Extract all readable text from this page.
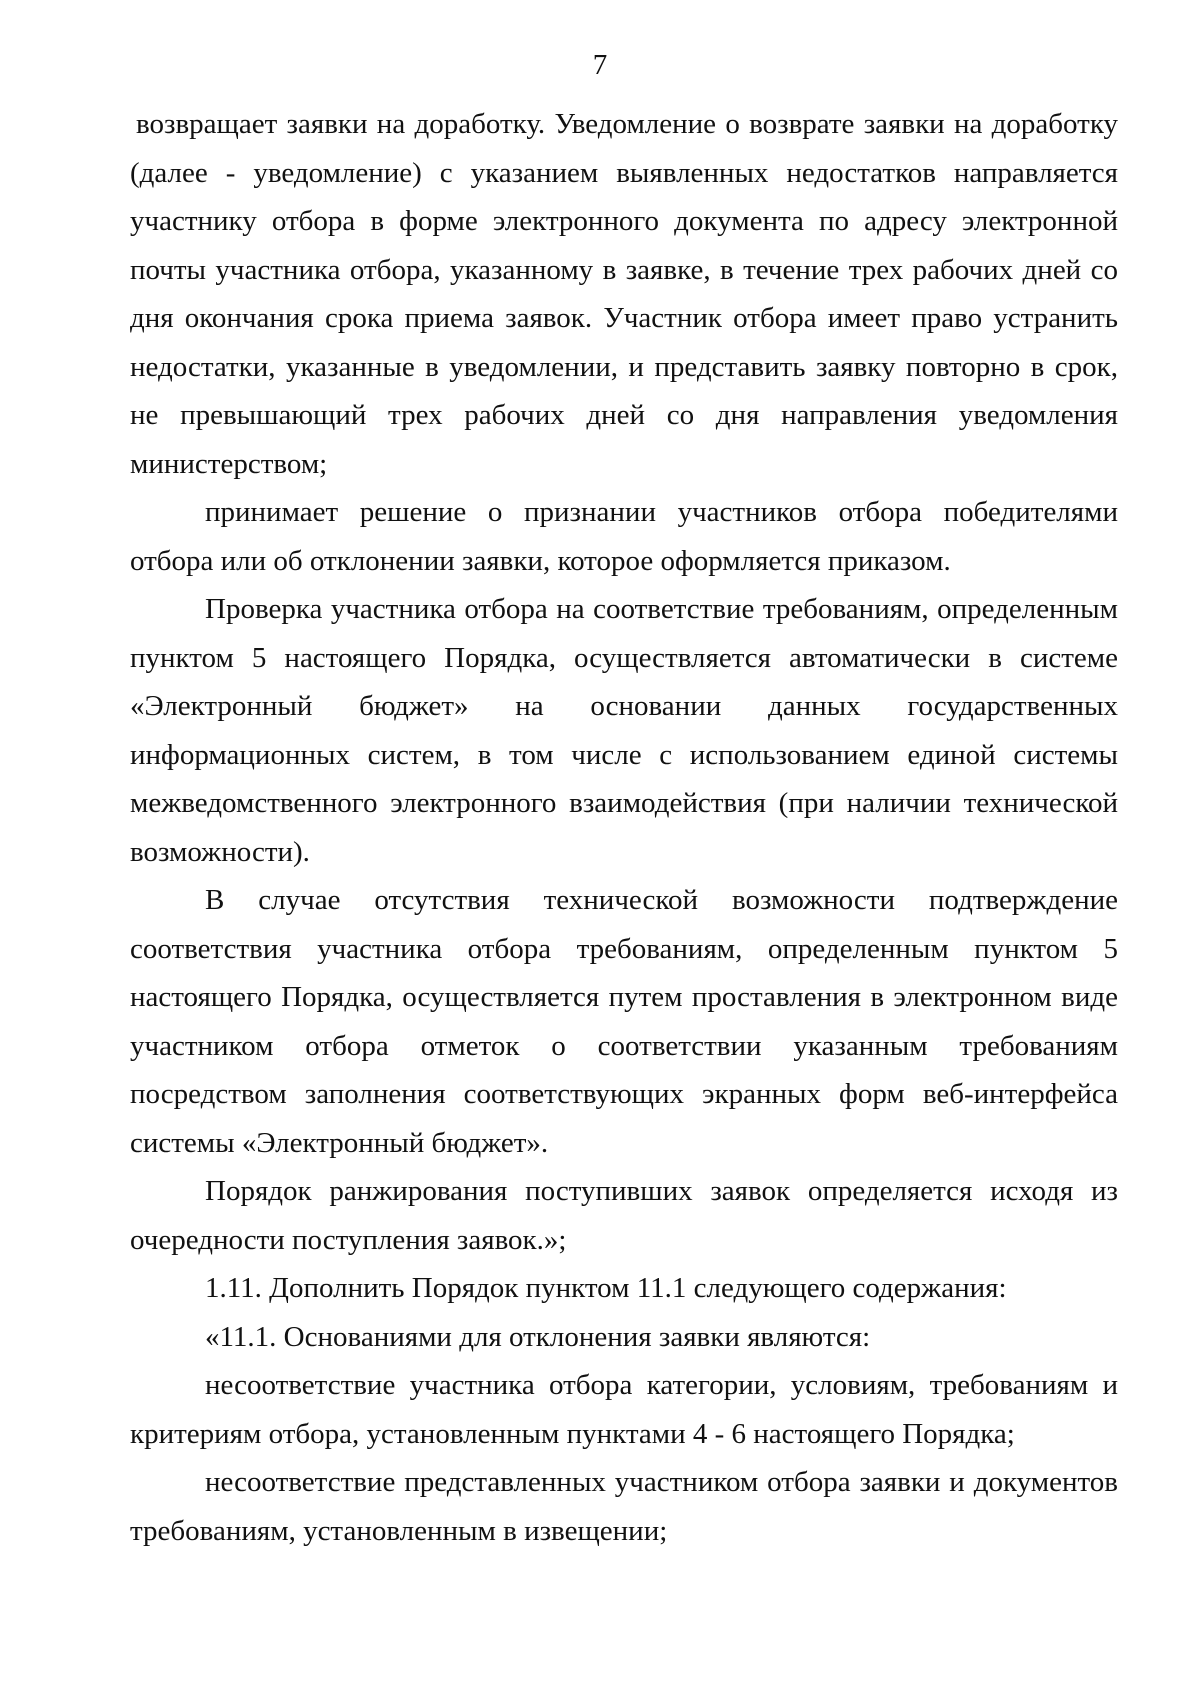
7

возвращает заявки на доработку. Уведомление о возврате заявки на доработку (далее - уведомление) с указанием выявленных недостатков направляется участнику отбора в форме электронного документа по адресу электронной почты участника отбора, указанному в заявке, в течение трех рабочих дней со дня окончания срока приема заявок. Участник отбора имеет право устранить недостатки, указанные в уведомлении, и представить заявку повторно в срок, не превышающий трех рабочих дней со дня направления уведомления министерством;

принимает решение о признании участников отбора победителями отбора или об отклонении заявки, которое оформляется приказом.

Проверка участника отбора на соответствие требованиям, определенным пунктом 5 настоящего Порядка, осуществляется автоматически в системе «Электронный бюджет» на основании данных государственных информационных систем, в том числе с использованием единой системы межведомственного электронного взаимодействия (при наличии технической возможности).

В случае отсутствия технической возможности подтверждение соответствия участника отбора требованиям, определенным пунктом 5 настоящего Порядка, осуществляется путем проставления в электронном виде участником отбора отметок о соответствии указанным требованиям посредством заполнения соответствующих экранных форм веб-интерфейса системы «Электронный бюджет».

Порядок ранжирования поступивших заявок определяется исходя из очередности поступления заявок.»;

1.11. Дополнить Порядок пунктом 11.1 следующего содержания:

«11.1. Основаниями для отклонения заявки являются:

несоответствие участника отбора категории, условиям, требованиям и критериям отбора, установленным пунктами 4 - 6 настоящего Порядка;

несоответствие представленных участником отбора заявки и документов требованиям, установленным в извещении;
